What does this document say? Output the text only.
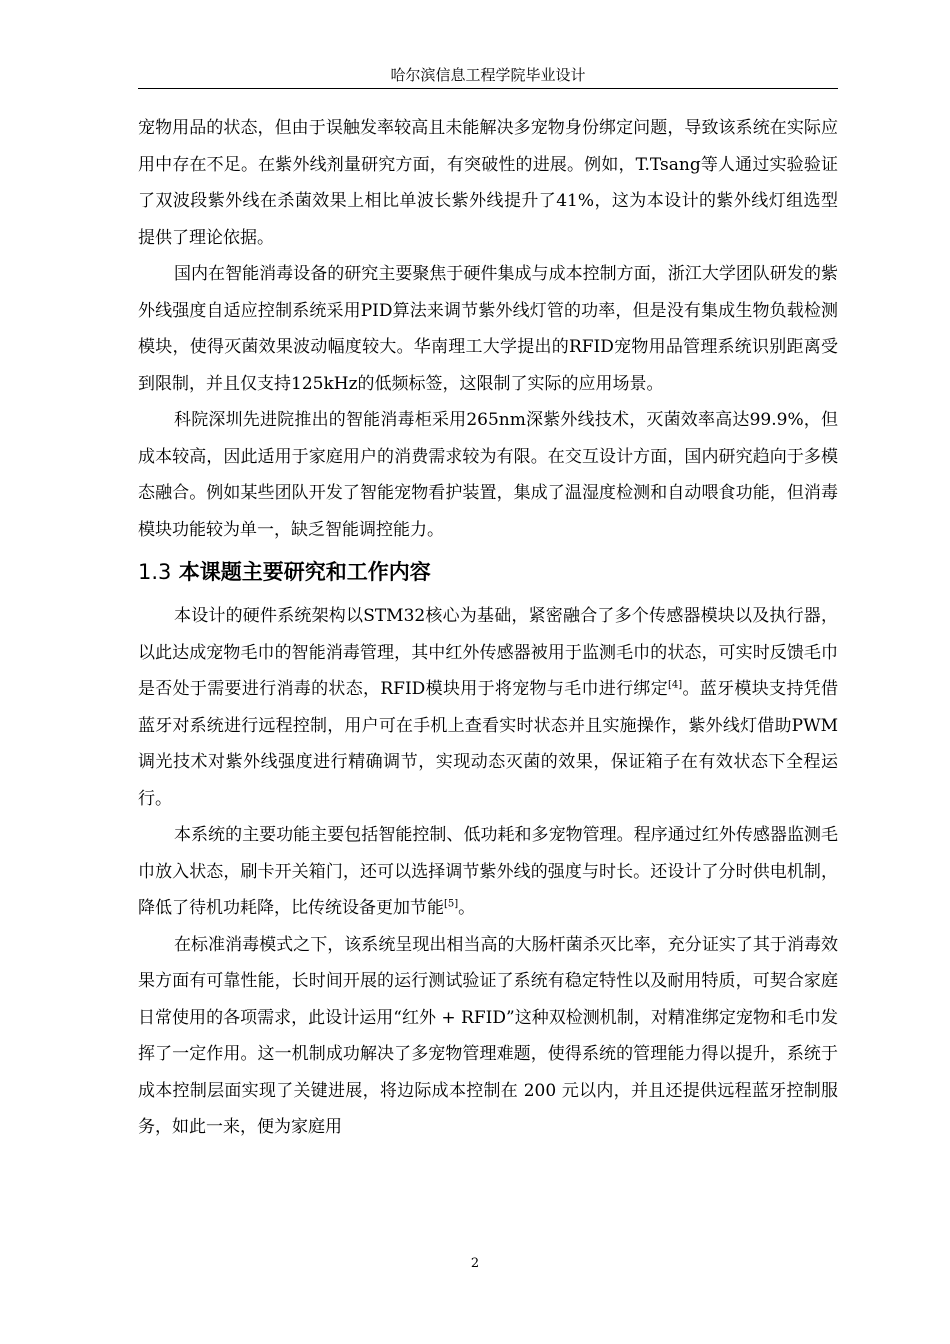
哈尔滨信息工程学院毕业设计

宠物用品的状态，但由于误触发率较高且未能解决多宠物身份绑定问题，导致该系统在实际应用中存在不足。在紫外线剂量研究方面，有突破性的进展。例如，T.Tsang等人通过实验验证了双波段紫外线在杀菌效果上相比单波长紫外线提升了41%，这为本设计的紫外线灯组选型提供了理论依据。

国内在智能消毒设备的研究主要聚焦于硬件集成与成本控制方面，浙江大学团队研发的紫外线强度自适应控制系统采用PID算法来调节紫外线灯管的功率，但是没有集成生物负载检测模块，使得灭菌效果波动幅度较大。华南理工大学提出的RFID宠物用品管理系统识别距离受到限制，并且仅支持125kHz的低频标签，这限制了实际的应用场景。

科院深圳先进院推出的智能消毒柜采用265nm深紫外线技术，灭菌效率高达99.9%，但成本较高，因此适用于家庭用户的消费需求较为有限。在交互设计方面，国内研究趋向于多模态融合。例如某些团队开发了智能宠物看护装置，集成了温湿度检测和自动喂食功能，但消毒模块功能较为单一，缺乏智能调控能力。

1.3 本课题主要研究和工作内容

本设计的硬件系统架构以STM32核心为基础，紧密融合了多个传感器模块以及执行器，以此达成宠物毛巾的智能消毒管理，其中红外传感器被用于监测毛巾的状态，可实时反馈毛巾是否处于需要进行消毒的状态，RFID模块用于将宠物与毛巾进行绑定[4]。蓝牙模块支持凭借蓝牙对系统进行远程控制，用户可在手机上查看实时状态并且实施操作，紫外线灯借助PWM调光技术对紫外线强度进行精确调节，实现动态灭菌的效果，保证箱子在有效状态下全程运行。

本系统的主要功能主要包括智能控制、低功耗和多宠物管理。程序通过红外传感器监测毛巾放入状态，刷卡开关箱门，还可以选择调节紫外线的强度与时长。还设计了分时供电机制，降低了待机功耗降，比传统设备更加节能[5]。

在标准消毒模式之下，该系统呈现出相当高的大肠杆菌杀灭比率，充分证实了其于消毒效果方面有可靠性能，长时间开展的运行测试验证了系统有稳定特性以及耐用特质，可契合家庭日常使用的各项需求，此设计运用“红外 + RFID”这种双检测机制，对精准绑定宠物和毛巾发挥了一定作用。这一机制成功解决了多宠物管理难题，使得系统的管理能力得以提升，系统于成本控制层面实现了关键进展，将边际成本控制在 200 元以内，并且还提供远程蓝牙控制服务，如此一来，便为家庭用

2
